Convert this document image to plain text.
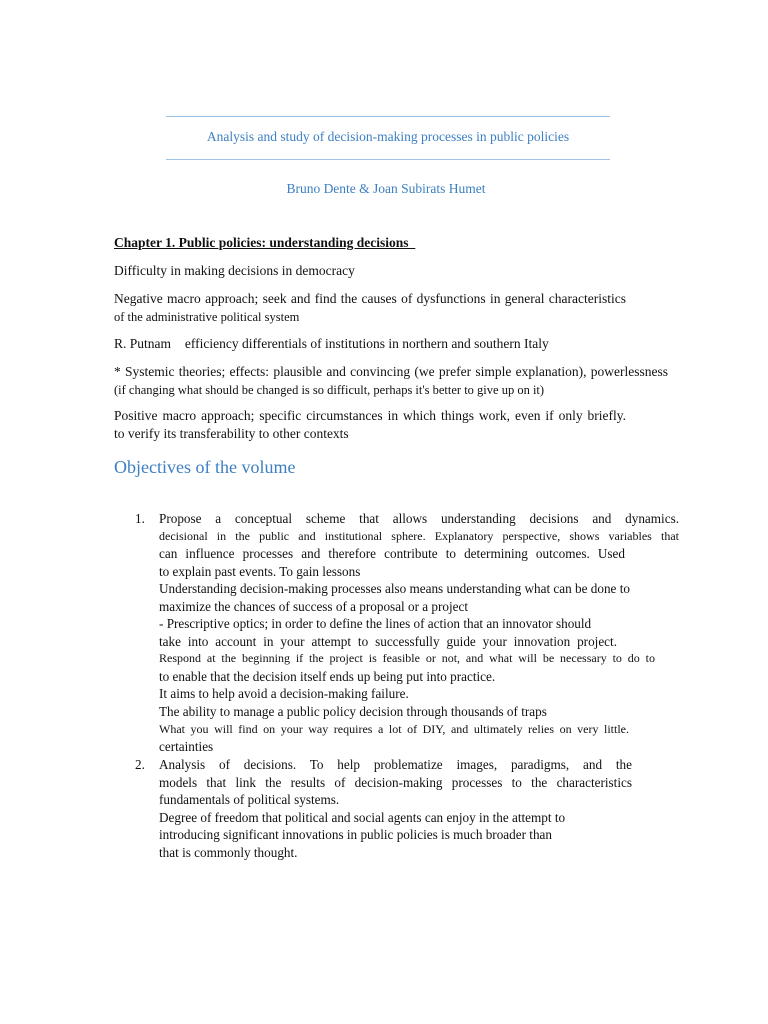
Analysis and study of decision-making processes in public policies
Bruno Dente & Joan Subirats Humet
Chapter 1. Public policies: understanding decisions
Difficulty in making decisions in democracy
Negative macro approach; seek and find the causes of dysfunctions in general characteristics
of the administrative political system
R. Putnam efficiency differentials of institutions in northern and southern Italy
* Systemic theories; effects: plausible and convincing (we prefer simple explanation), powerlessness
(if changing what should be changed is so difficult, perhaps it's better to give up on it)
Positive macro approach; specific circumstances in which things work, even if only briefly.
to verify its transferability to other contexts
Objectives of the volume
1. Propose a conceptual scheme that allows understanding decisions and dynamics.
decisional in the public and institutional sphere. Explanatory perspective, shows variables that
can influence processes and therefore contribute to determining outcomes. Used
to explain past events. To gain lessons
Understanding decision-making processes also means understanding what can be done to
maximize the chances of success of a proposal or a project
- Prescriptive optics; in order to define the lines of action that an innovator should
take into account in your attempt to successfully guide your innovation project.
Respond at the beginning if the project is feasible or not, and what will be necessary to do to
to enable that the decision itself ends up being put into practice.
It aims to help avoid a decision-making failure.
The ability to manage a public policy decision through thousands of traps
What you will find on your way requires a lot of DIY, and ultimately relies on very little.
certainties
2. Analysis of decisions. To help problematize images, paradigms, and the
models that link the results of decision-making processes to the characteristics
fundamentals of political systems.
Degree of freedom that political and social agents can enjoy in the attempt to
introducing significant innovations in public policies is much broader than
that is commonly thought.
